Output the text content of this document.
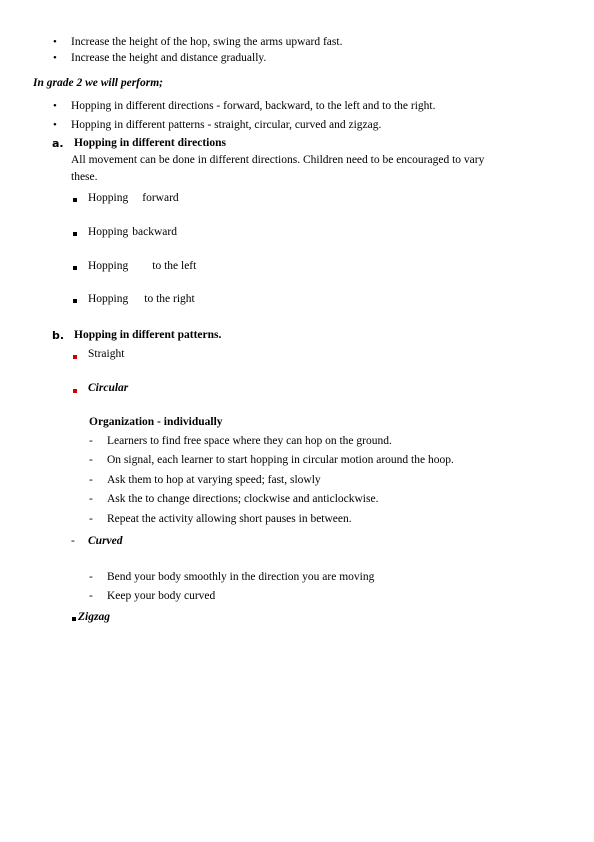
• Increase the height of the hop, swing the arms upward fast.
• Increase the height and distance gradually.
In grade 2 we will perform;
• Hopping in different directions - forward, backward, to the left and to the right.
• Hopping in different patterns - straight, circular, curved and zigzag.
a. Hopping in different directions
All movement can be done in different directions. Children need to be encouraged to vary
these.
Hopping forward
Hopping backward
Hopping to the left
Hopping to the right
b. Hopping in different patterns.
Straight
Circular
Organization - individually
- Learners to find free space where they can hop on the ground.
- On signal, each learner to start hopping in circular motion around the hoop.
- Ask them to hop at varying speed; fast, slowly
- Ask the to change directions; clockwise and anticlockwise.
- Repeat the activity allowing short pauses in between.
- Curved
- Bend your body smoothly in the direction you are moving
- Keep your body curved
Zigzag
